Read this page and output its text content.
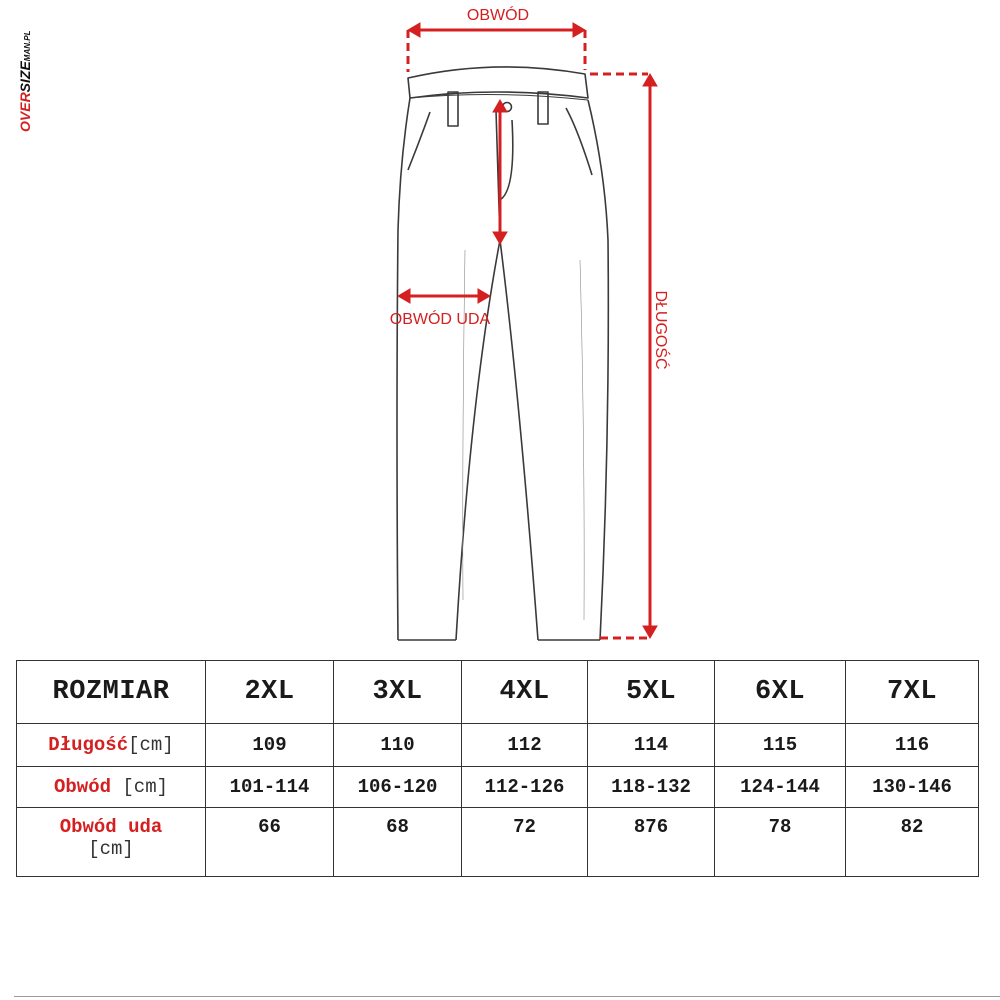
OVERSIZEMAN.PL
OBWÓD
OBWÓD UDA	DŁUGOŚĆ
ROZMIAR	2XL	3XL	4XL	5XL	6XL	7XL
Długość[cm]	109	110	112	114	115	116
Obwód [cm]	101-114	106-120	112-126	118-132	124-144	130-146
Obwód uda
[cm]	66	68	72	876	78	82
